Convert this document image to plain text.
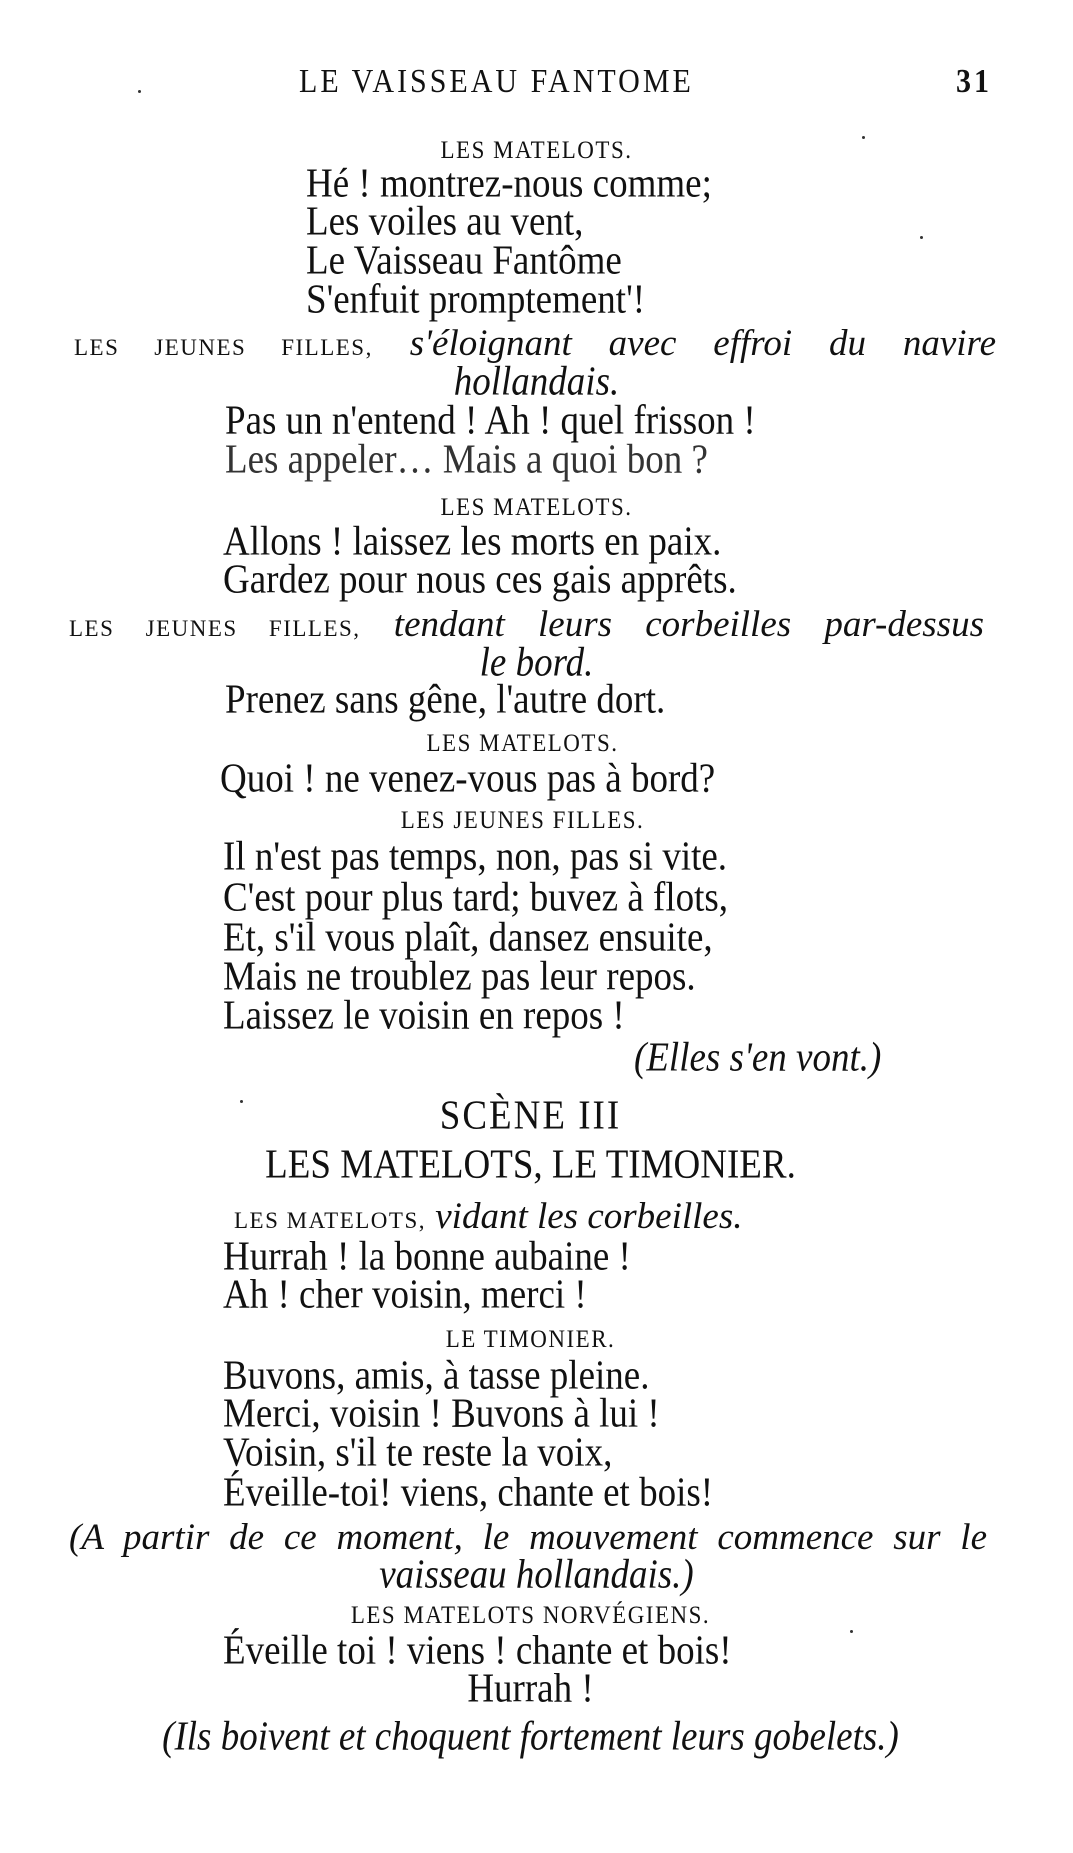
LE VAISSEAU FANTOME	31
LES MATELOTS.
Hé ! montrez-nous comme;
Les voiles au vent,
Le Vaisseau Fantôme
S'enfuit promptement'!
LES JEUNES FILLES, s'éloignant avec effroi du navire
hollandais.
Pas un n'entend ! Ah ! quel frisson !
Les appeler… Mais a quoi bon ?
LES MATELOTS.
Allons ! laissez les morts en paix.
Gardez pour nous ces gais apprêts.
LES JEUNES FILLES, tendant leurs corbeilles par-dessus
le bord.
Prenez sans gêne, l'autre dort.
LES MATELOTS.
Quoi ! ne venez-vous pas à bord?
LES JEUNES FILLES.
Il n'est pas temps, non, pas si vite.
C'est pour plus tard; buvez à flots,
Et, s'il vous plaît, dansez ensuite,
Mais ne troublez pas leur repos.
Laissez le voisin en repos !
(Elles s'en vont.)
SCÈNE III
LES MATELOTS, LE TIMONIER.
LES MATELOTS, vidant les corbeilles.
Hurrah ! la bonne aubaine !
Ah ! cher voisin, merci !
LE TIMONIER.
Buvons, amis, à tasse pleine.
Merci, voisin ! Buvons à lui !
Voisin, s'il te reste la voix,
Éveille-toi! viens, chante et bois!
(A partir de ce moment, le mouvement commence sur le
vaisseau hollandais.)
LES MATELOTS NORVÉGIENS.
Éveille toi ! viens ! chante et bois!
Hurrah !
(Ils boivent et choquent fortement leurs gobelets.)
